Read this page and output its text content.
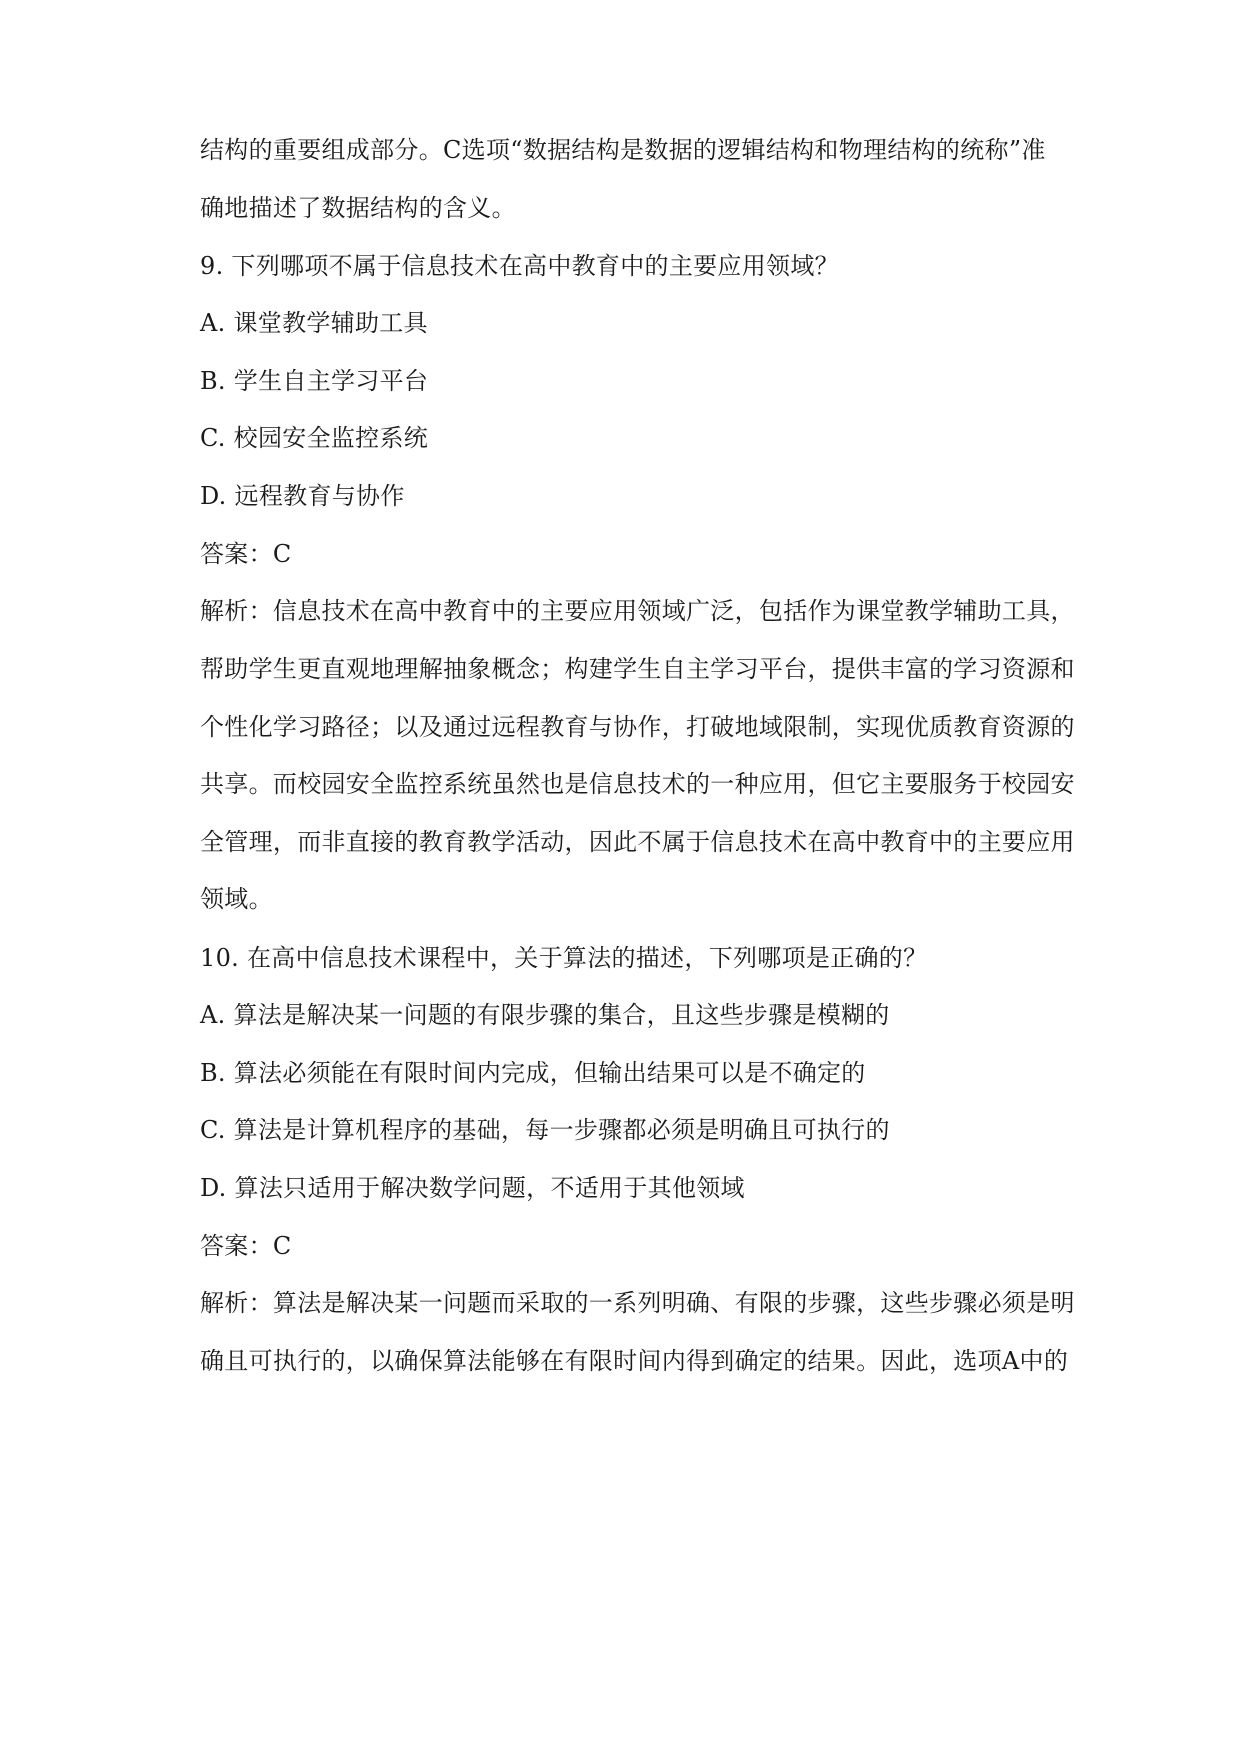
结构的重要组成部分。C选项“数据结构是数据的逻辑结构和物理结构的统称”准
确地描述了数据结构的含义。
9. 下列哪项不属于信息技术在高中教育中的主要应用领域？
A. 课堂教学辅助工具
B. 学生自主学习平台
C. 校园安全监控系统
D. 远程教育与协作
答案：C
解析：信息技术在高中教育中的主要应用领域广泛，包括作为课堂教学辅助工具，
帮助学生更直观地理解抽象概念；构建学生自主学习平台，提供丰富的学习资源和
个性化学习路径；以及通过远程教育与协作，打破地域限制，实现优质教育资源的
共享。而校园安全监控系统虽然也是信息技术的一种应用，但它主要服务于校园安
全管理，而非直接的教育教学活动，因此不属于信息技术在高中教育中的主要应用
领域。
10. 在高中信息技术课程中，关于算法的描述，下列哪项是正确的？
A. 算法是解决某一问题的有限步骤的集合，且这些步骤是模糊的
B. 算法必须能在有限时间内完成，但输出结果可以是不确定的
C. 算法是计算机程序的基础，每一步骤都必须是明确且可执行的
D. 算法只适用于解决数学问题，不适用于其他领域
答案：C
解析：算法是解决某一问题而采取的一系列明确、有限的步骤，这些步骤必须是明
确且可执行的，以确保算法能够在有限时间内得到确定的结果。因此，选项A中的
